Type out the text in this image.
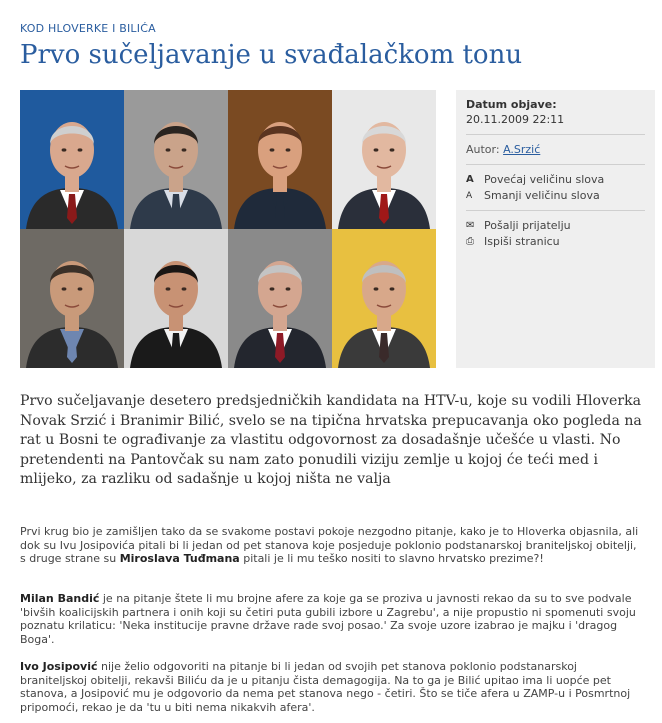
KOD HLOVERKE I BILIĆA
Prvo sučeljavanje u svađalačkom tonu
Datum objave:
20.11.2009 22:11
Autor: A.Srzić
A Povećaj veličinu slova
A	Smanji veličinu slova
✉ Pošalji prijatelju
⎙ Ispiši stranicu

Prvo sučeljavanje desetero predsjedničkih kandidata na HTV-u, koje su vodili Hloverka Novak Srzić i Branimir Bilić, svelo se na tipična hrvatska prepucavanja oko pogleda na rat u Bosni te ograđivanje za vlastitu odgovornost za dosadašnje učešće u vlasti. No pretendenti na Pantovčak su nam zato ponudili viziju zemlje u kojoj će teći med i mlijeko, za razliku od sadašnje u kojoj ništa ne valja

Prvi krug bio je zamišljen tako da se svakome postavi pokoje nezgodno pitanje, kako je to Hloverka objasnila, ali dok su Ivu Josipovića pitali bi li jedan od pet stanova koje posjeduje poklonio podstanarskoj braniteljskoj obitelji, s druge strane su Miroslava Tuđmana pitali je li mu teško nositi to slavno hrvatsko prezime?!

Milan Bandić je na pitanje štete li mu brojne afere za koje ga se proziva u javnosti rekao da su to sve podvale 'bivših koalicijskih partnera i onih koji su četiri puta gubili izbore u Zagrebu', a nije propustio ni spomenuti svoju poznatu krilaticu: 'Neka institucije pravne države rade svoj posao.' Za svoje uzore izabrao je majku i 'dragog Boga'.

Ivo Josipović nije želio odgovoriti na pitanje bi li jedan od svojih pet stanova poklonio podstanarskoj braniteljskoj obitelji, rekavši Biliću da je u pitanju čista demagogija. Na to ga je Bilić upitao ima li uopće pet stanova, a Josipović mu je odgovorio da nema pet stanova nego - četiri. Što se tiče afera u ZAMP-u i Posmrtnoj pripomoći, rekao je da 'tu u biti nema nikakvih afera'.
